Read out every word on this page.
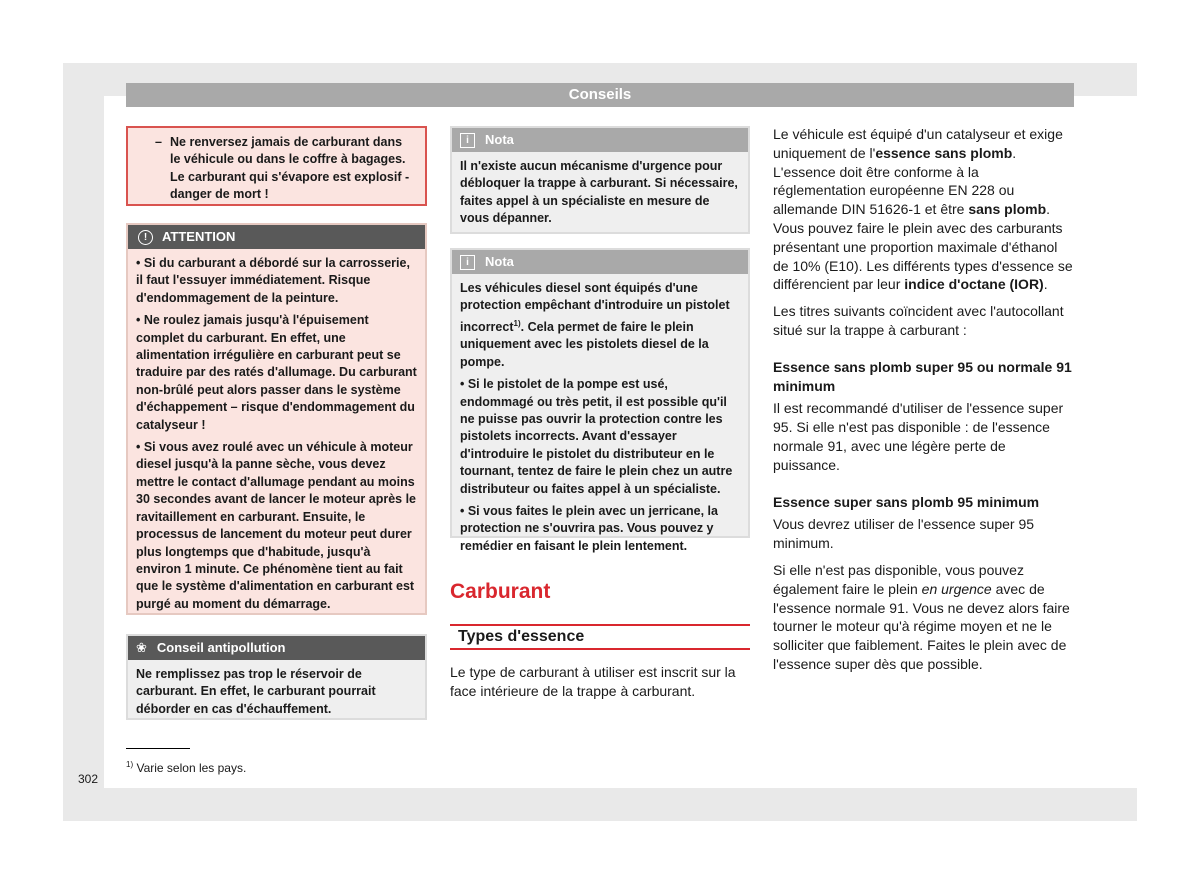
Conseils
– Ne renversez jamais de carburant dans le véhicule ou dans le coffre à bagages. Le carburant qui s'évapore est explosif - danger de mort !
!	ATTENTION

• Si du carburant a débordé sur la carrosserie, il faut l'essuyer immédiatement. Risque d'endommagement de la peinture.

• Ne roulez jamais jusqu'à l'épuisement complet du carburant. En effet, une alimentation irrégulière en carburant peut se traduire par des ratés d'allumage. Du carburant non-brûlé peut alors passer dans le système d'échappement – risque d'endommagement du catalyseur !

• Si vous avez roulé avec un véhicule à moteur diesel jusqu'à la panne sèche, vous devez mettre le contact d'allumage pendant au moins 30 secondes avant de lancer le moteur après le ravitaillement en carburant. Ensuite, le processus de lancement du moteur peut durer plus longtemps que d'habitude, jusqu'à environ 1 minute. Ce phénomène tient au fait que le système d'alimentation en carburant est purgé au moment du démarrage.

❀ Conseil antipollution

Ne remplissez pas trop le réservoir de carburant. En effet, le carburant pourrait déborder en cas d'échauffement.

i	Nota

Il n'existe aucun mécanisme d'urgence pour débloquer la trappe à carburant. Si nécessaire, faites appel à un spécialiste en mesure de vous dépanner.

i	Nota

Les véhicules diesel sont équipés d'une protection empêchant d'introduire un pistolet incorrect$^{1)}$. Cela permet de faire le plein uniquement avec les pistolets diesel de la pompe.

• Si le pistolet de la pompe est usé, endommagé ou très petit, il est possible qu'il ne puisse pas ouvrir la protection contre les pistolets incorrects. Avant d'essayer d'introduire le pistolet du distributeur en le tournant, tentez de faire le plein chez un autre distributeur ou faites appel à un spécialiste.

• Si vous faites le plein avec un jerricane, la protection ne s'ouvrira pas. Vous pouvez y remédier en faisant le plein lentement.

Carburant
Types d'essence
Le type de carburant à utiliser est inscrit sur la face intérieure de la trappe à carburant.

Le véhicule est équipé d'un catalyseur et exige uniquement de l'essence sans plomb. L'essence doit être conforme à la réglementation européenne EN 228 ou allemande DIN 51626-1 et être sans plomb. Vous pouvez faire le plein avec des carburants présentant une proportion maximale d'éthanol de 10% (E10). Les différents types d'essence se différencient par leur indice d'octane (IOR).

Les titres suivants coïncident avec l'autocollant situé sur la trappe à carburant :

Essence sans plomb super 95 ou normale 91 minimum

Il est recommandé d'utiliser de l'essence super 95. Si elle n'est pas disponible : de l'essence normale 91, avec une légère perte de puissance.

Essence super sans plomb 95 minimum

Vous devrez utiliser de l'essence super 95 minimum.

Si elle n'est pas disponible, vous pouvez également faire le plein en urgence avec de l'essence normale 91. Vous ne devez alors faire tourner le moteur qu'à régime moyen et ne le solliciter que faiblement. Faites le plein avec de l'essence super dès que possible.

$^{1)}$ Varie selon les pays.
302
